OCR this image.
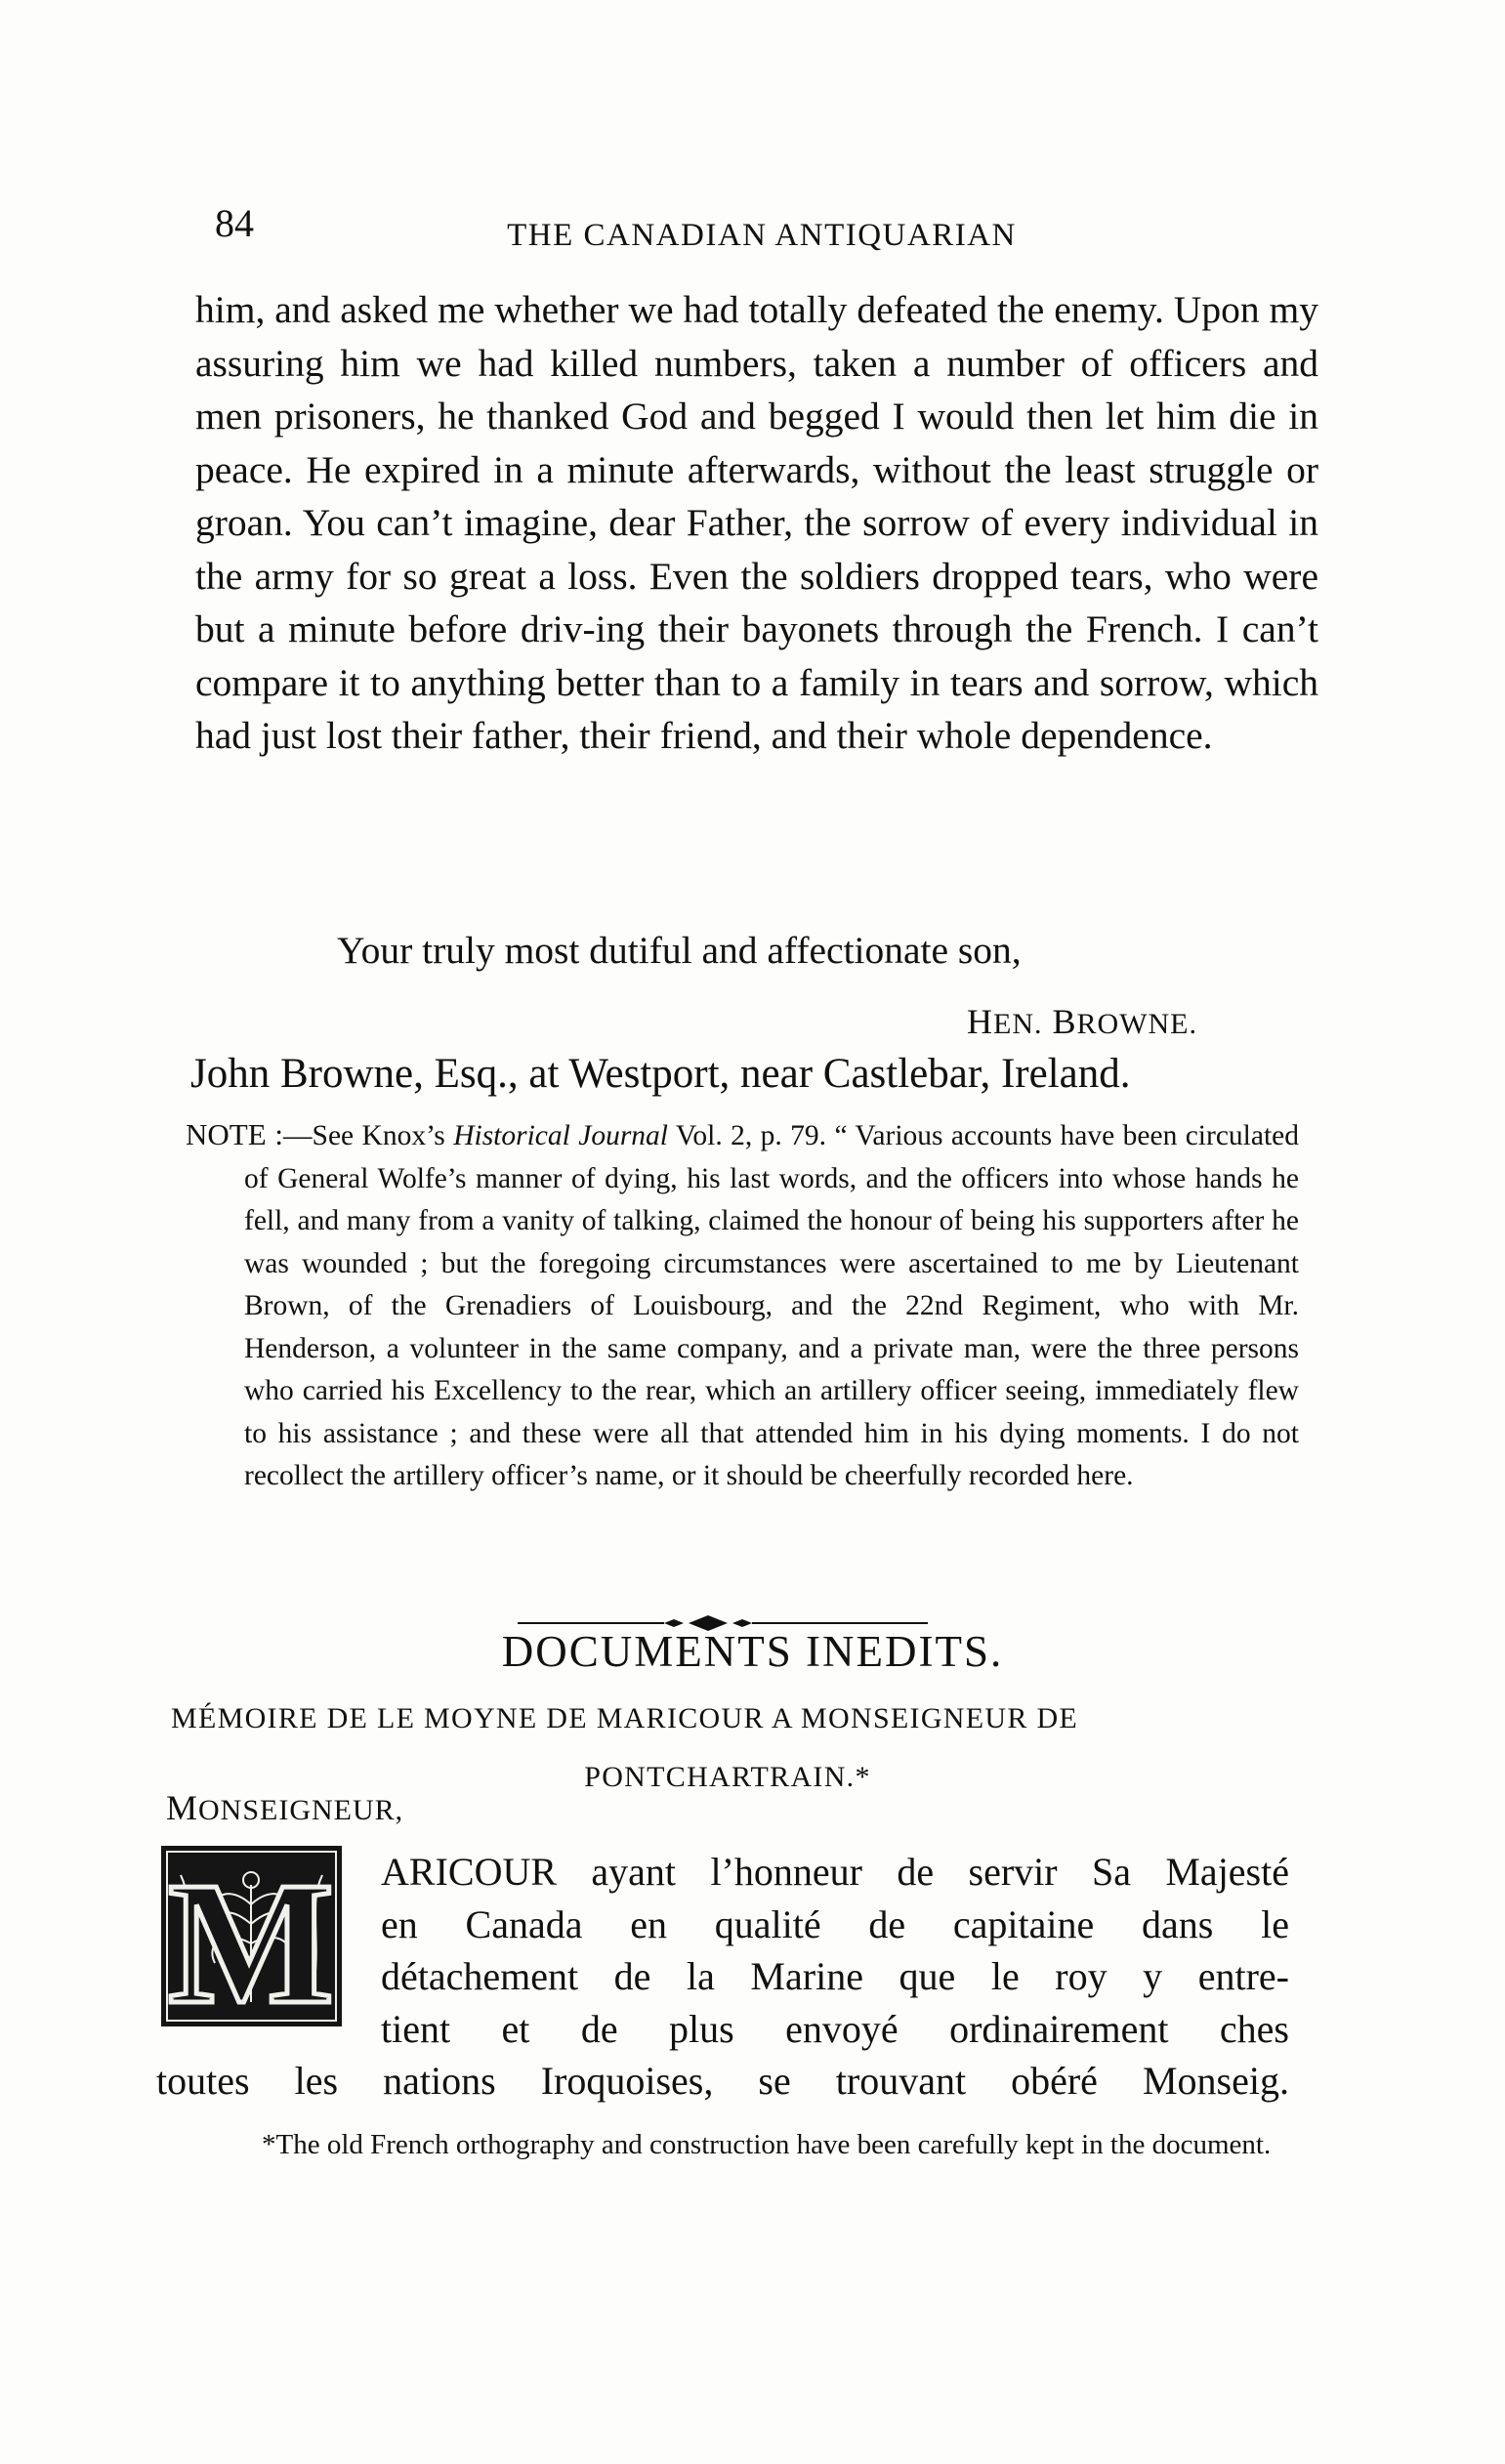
84	THE CANADIAN ANTIQUARIAN

him, and asked me whether we had totally defeated the enemy. Upon my assuring him we had killed numbers, taken a number of officers and men prisoners, he thanked God and begged I would then let him die in peace. He expired in a minute afterwards, without the least struggle or groan. You can’t imagine, dear Father, the sorrow of every individual in the army for so great a loss. Even the soldiers dropped tears, who were but a minute before driv-ing their bayonets through the French. I can’t compare it to anything better than to a family in tears and sorrow, which had just lost their father, their friend, and their whole dependence.

Your truly most dutiful and affectionate son,
HEN. BROWNE.
John Browne, Esq., at Westport, near Castlebar, Ireland.

NOTE :—See Knox’s Historical Journal Vol. 2, p. 79. “ Various accounts have been circulated of General Wolfe’s manner of dying, his last words, and the officers into whose hands he fell, and many from a vanity of talking, claimed the honour of being his supporters after he was wounded ; but the foregoing circumstances were ascertained to me by Lieutenant Brown, of the Grenadiers of Louisbourg, and the 22nd Regiment, who with Mr. Henderson, a volunteer in the same company, and a private man, were the three persons who carried his Excellency to the rear, which an artillery officer seeing, immediately flew to his assistance ; and these were all that attended him in his dying moments. I do not recollect the artillery officer’s name, or it should be cheerfully recorded here.

DOCUMENTS INEDITS.
MÉMOIRE DE LE MOYNE DE MARICOUR A MONSEIGNEUR DE
PONTCHARTRAIN.*
MONSEIGNEUR,
M	ARICOUR ayant l’honneur de servir Sa Majesté
en Canada en qualité de capitaine dans le
détachement de la Marine que le roy y entre-
tient et de plus envoyé ordinairement ches
toutes les nations Iroquoises, se trouvant obéré Monseig.

*The old French orthography and construction have been carefully kept in the document.
